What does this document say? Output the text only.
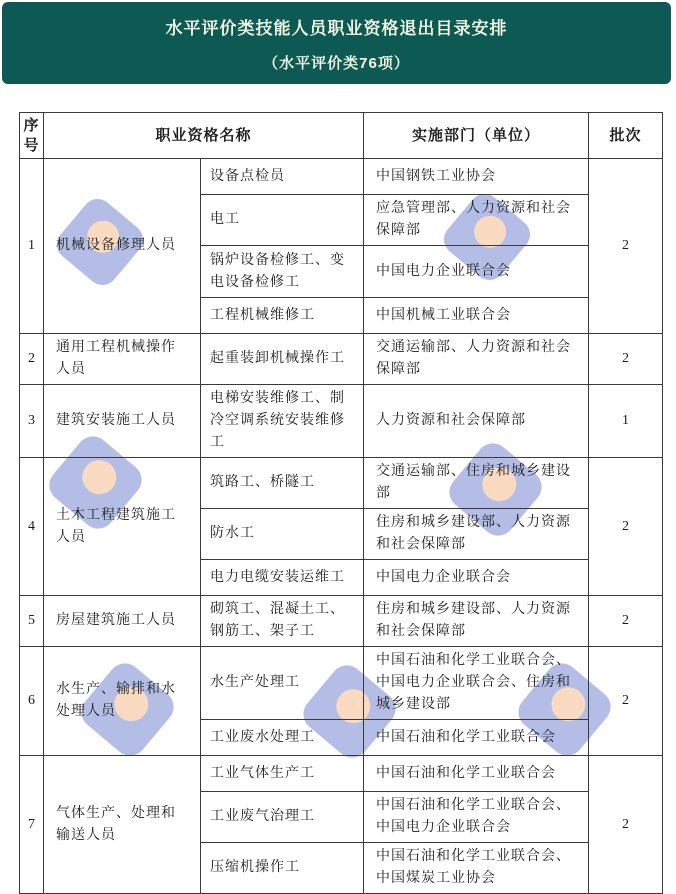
水平评价类技能人员职业资格退出目录安排
（水平评价类76项）
序号	职业资格名称		实施部门（单位）	批次
1	机械设备修理人员	设备点检员	中国钢铁工业协会	2
		电工	应急管理部、人力资源和社会保障部	
		锅炉设备检修工、变电设备检修工	中国电力企业联合会	
		工程机械维修工	中国机械工业联合会	
2	通用工程机械操作人员	起重装卸机械操作工	交通运输部、人力资源和社会保障部	2
3	建筑安装施工人员	电梯安装维修工、制冷空调系统安装维修工	人力资源和社会保障部	1
4	土木工程建筑施工人员	筑路工、桥隧工	交通运输部、住房和城乡建设部	2
		防水工	住房和城乡建设部、人力资源和社会保障部	
		电力电缆安装运维工	中国电力企业联合会	
5	房屋建筑施工人员	砌筑工、混凝土工、钢筋工、架子工	住房和城乡建设部、人力资源和社会保障部	2
6	水生产、输排和水处理人员	水生产处理工	中国石油和化学工业联合会、中国电力企业联合会、住房和城乡建设部	2
		工业废水处理工	中国石油和化学工业联合会	
7	气体生产、处理和输送人员	工业气体生产工	中国石油和化学工业联合会	2
		工业废气治理工	中国石油和化学工业联合会、中国电力企业联合会	
		压缩机操作工	中国石油和化学工业联合会、中国煤炭工业协会	
